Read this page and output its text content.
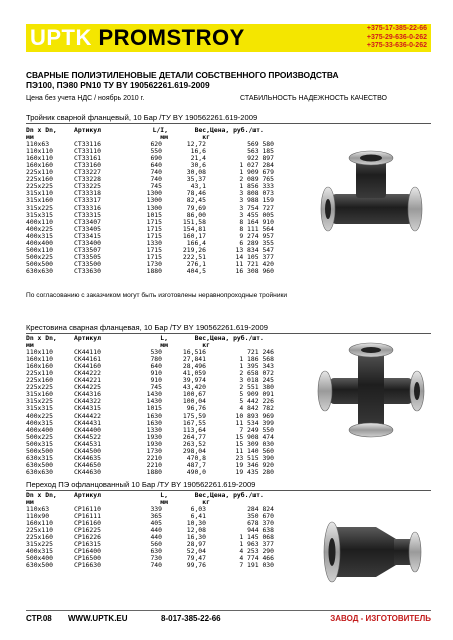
UPTK PROMSTROY	+375-17-385-22-66
+375-29-636-0-262
+375-33-636-0-262
СВАРНЫЕ ПОЛИЭТИЛЕНОВЫЕ ДЕТАЛИ СОБСТВЕННОГО ПРОИЗВОДСТВА
ПЭ100, ПЭ80 PN10 ТУ BY 190562261.619-2009
Цена без учета НДС / ноябрь 2010 г.	СТАБИЛЬНОСТЬ НАДЕЖНОСТЬ КАЧЕСТВО
Тройник сварной фланцевый, 10 Бар /ТУ BY 190562261.619-2009
Dn x Dn,	Артикул	L/I,	Вес,	Цена, руб./шт.
мм		мм	кг	
110x63	СТ33116	620	12,72	569 580
110x110	СТ33110	550	16,6	563 185
160x110	СТ33161	690	21,4	922 897
160x160	СТ33160	640	30,6	1 027 284
225x110	СТ33227	740	30,08	1 909 679
225x160	СТ33228	740	35,37	2 089 765
225x225	СТ33225	745	43,1	1 856 333
315x110	СТ33318	1300	78,46	3 808 073
315x160	СТ33317	1300	82,45	3 988 159
315x225	СТ33316	1300	79,69	3 754 727
315x315	СТ33315	1015	86,00	3 455 005
400x110	СТ33407	1715	151,58	8 164 910
400x225	СТ33405	1715	154,81	8 111 564
400x315	СТ33415	1715	160,17	9 274 957
400x400	СТ33400	1330	166,4	6 289 355
500x110	СТ33507	1715	219,26	13 834 547
500x225	СТ33505	1715	222,51	14 105 377
500x500	СТ33500	1730	276,1	11 721 420
630x630	СТ33630	1880	404,5	16 308 960
По согласованию с заказчиком могут быть изготовлены неравнопроходные тройники
Крестовина сварная фланцевая, 10 Бар /ТУ BY 190562261.619-2009
Dn x Dn,	Артикул	L,	Вес,	Цена, руб./шт.
мм		мм	кг	
110x110	СК44110	530	16,516	721 246
160x110	СК44161	780	27,841	1 186 568
160x160	СК44160	640	28,496	1 395 343
225x110	СК44222	910	41,059	2 658 072
225x160	СК44221	910	39,974	3 018 245
225x225	СК44225	745	43,420	2 551 380
315x160	СК44316	1430	100,67	5 909 091
315x225	СК44322	1430	100,04	5 442 226
315x315	СК44315	1015	96,76	4 842 782
400x225	СК44422	1630	175,59	10 893 969
400x315	СК44431	1630	167,55	11 534 399
400x400	СК44400	1330	113,64	7 249 550
500x225	СК44522	1930	264,77	15 908 474
500x315	СК44531	1930	263,52	15 309 030
500x500	СК44500	1730	298,04	11 140 560
630x315	СК44635	2210	470,8	23 515 390
630x500	СК44650	2210	487,7	19 346 920
630x630	СК44630	1880	490,0	19 435 280
Переход ПЭ офланцованный 10 Бар /ТУ BY 190562261.619-2009
Dn x Dn,	Артикул	L,	Вес,	Цена, руб./шт.
мм		мм	кг	
110x63	СР16110	339	6,03	284 824
110x90	СР16111	365	6,41	350 670
160x110	СР16160	405	10,30	678 370
225x110	СР16225	440	12,08	944 638
225x160	СР16226	440	16,30	1 145 068
315x225	СР16315	560	28,97	1 963 377
400x315	СР16400	630	52,04	4 253 290
500x400	СР16500	730	79,47	4 774 466
630x500	СР16630	740	99,76	7 191 030
СТР.08 WWW.UPTK.EU	8-017-385-22-66	ЗАВОД - ИЗГОТОВИТЕЛЬ
